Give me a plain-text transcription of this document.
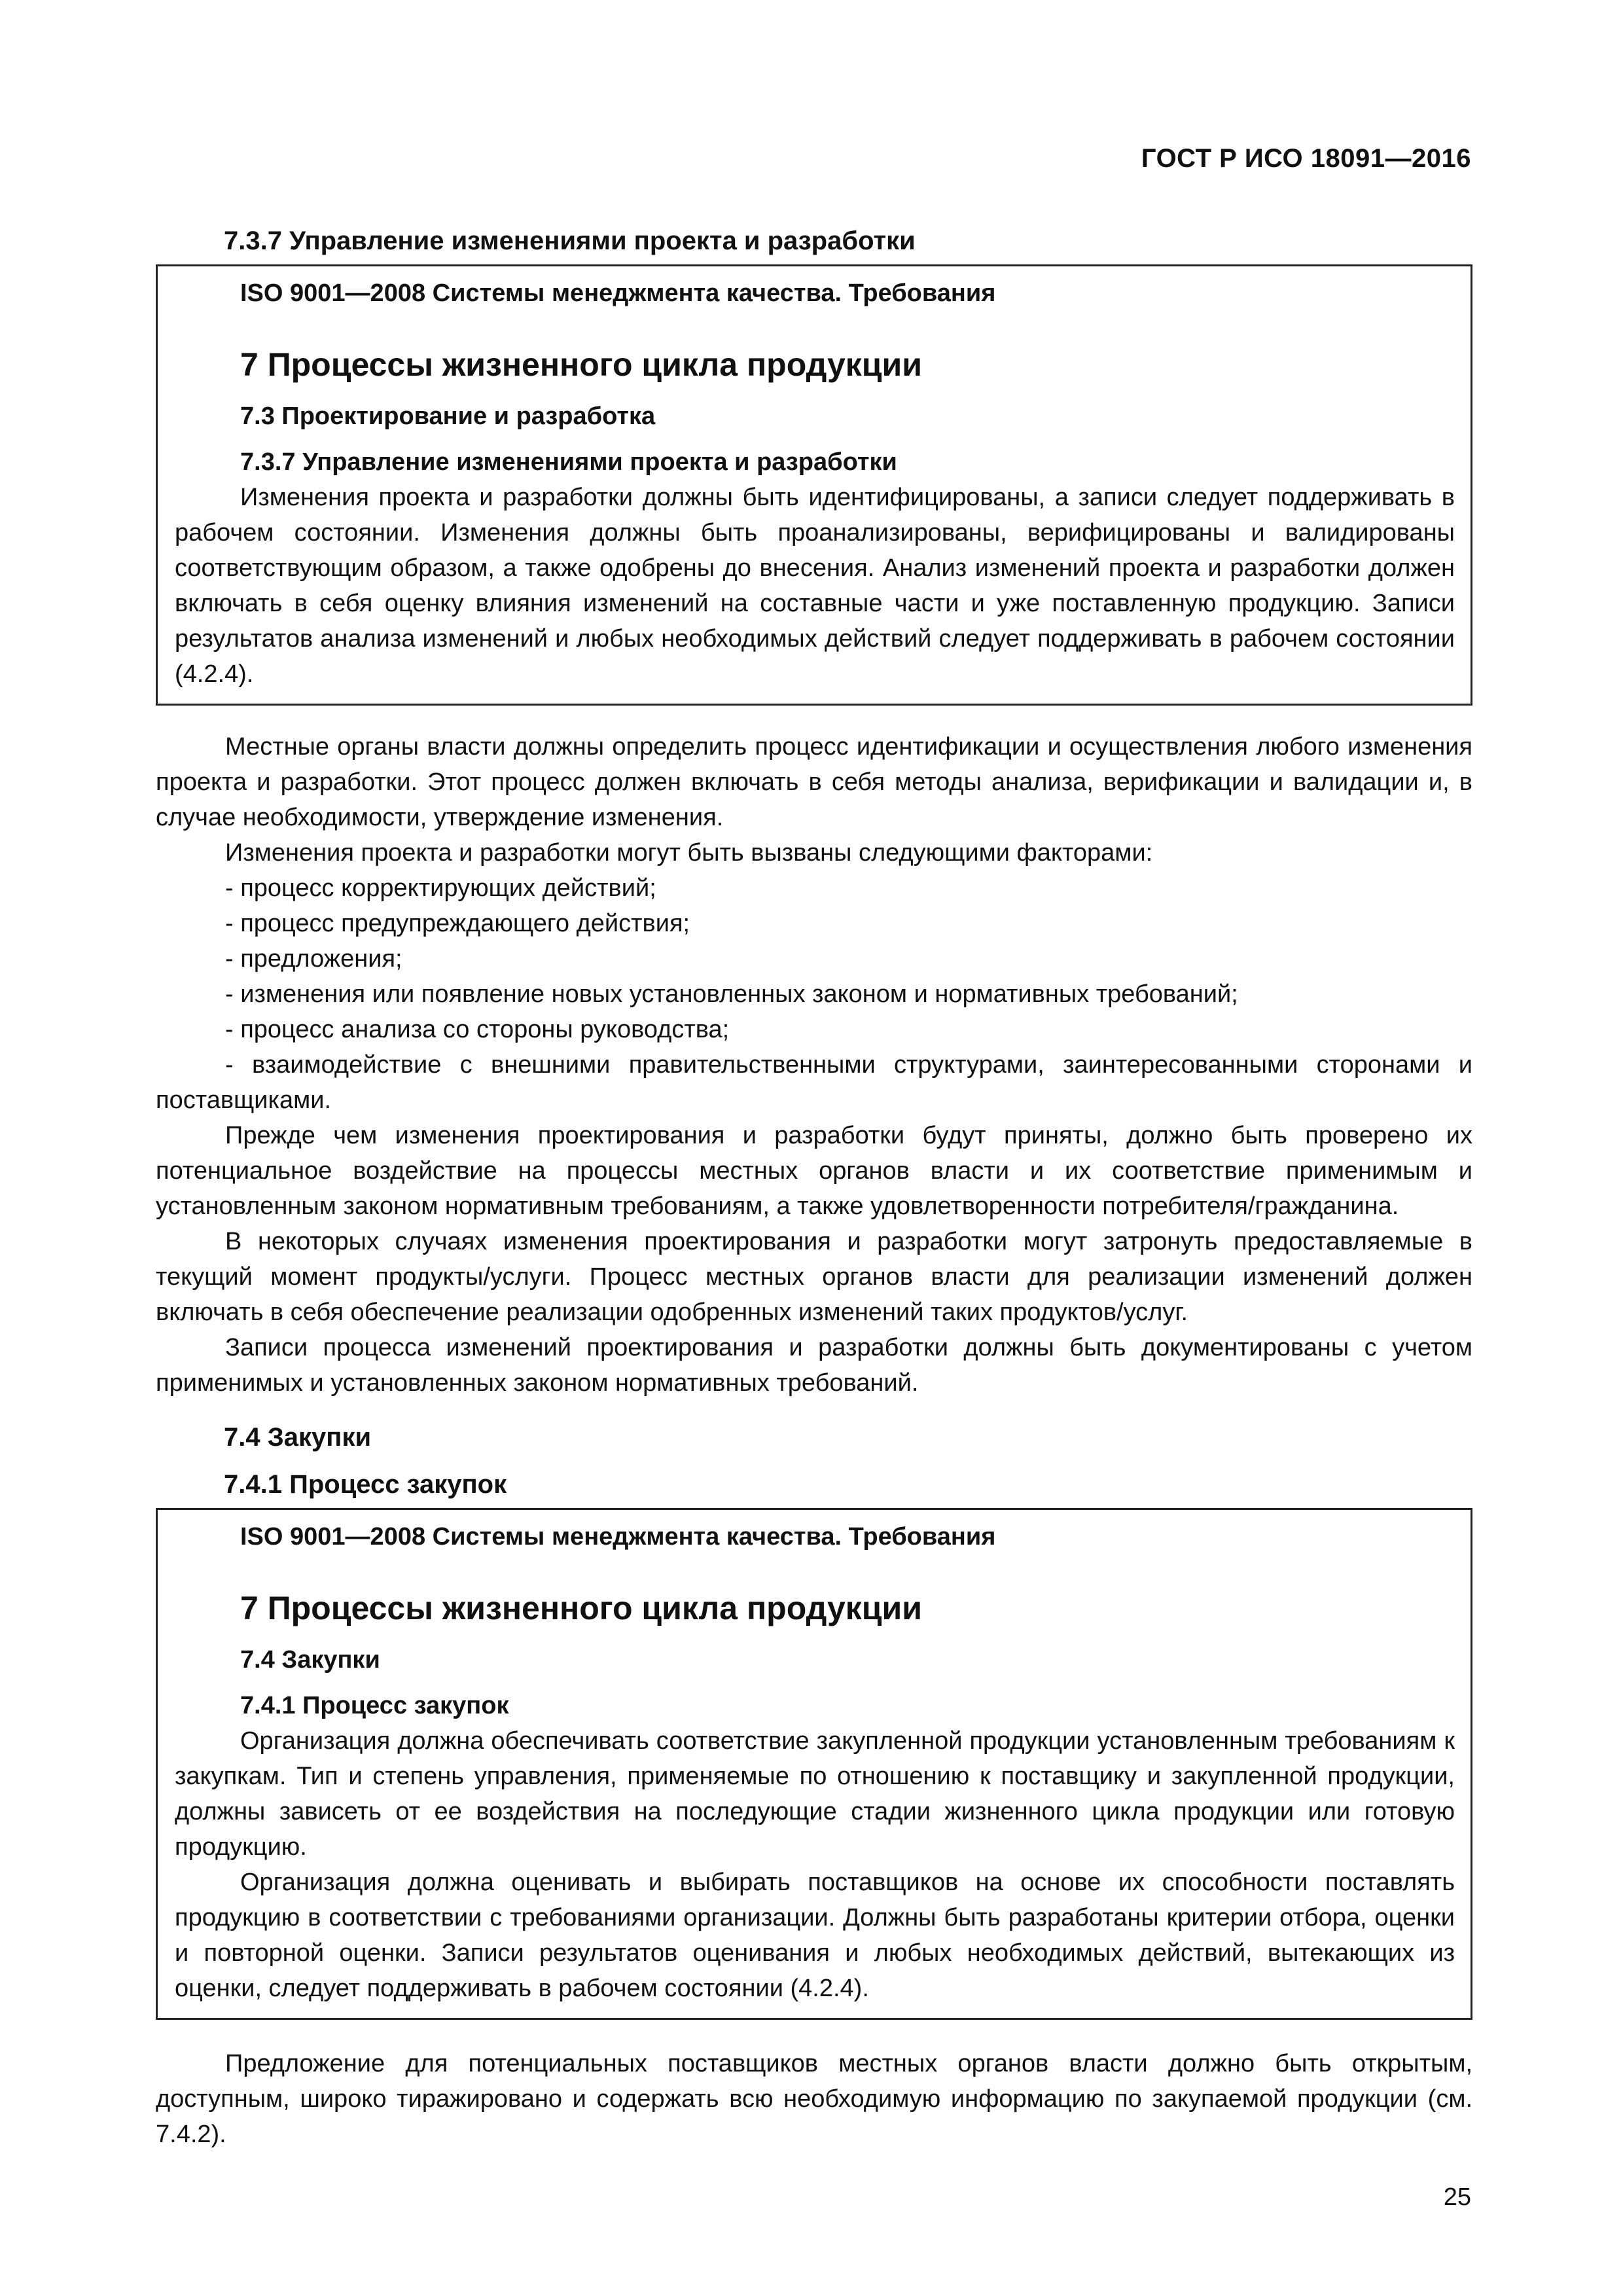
ГОСТ Р ИСО 18091—2016

7.3.7 Управление изменениями проекта и разработки

ISO 9001—2008 Системы менеджмента качества. Требования
7 Процессы жизненного цикла продукции
7.3 Проектирование и разработка
7.3.7 Управление изменениями проекта и разработки

Изменения проекта и разработки должны быть идентифицированы, а записи следует поддерживать в рабочем состоянии. Изменения должны быть проанализированы, верифицированы и валидированы соответствующим образом, а также одобрены до внесения. Анализ изменений проекта и разработки должен включать в себя оценку влияния изменений на составные части и уже поставленную продукцию. Записи результатов анализа изменений и любых необходимых действий следует поддерживать в рабочем состоянии (4.2.4).

Местные органы власти должны определить процесс идентификации и осуществления любого изменения проекта и разработки. Этот процесс должен включать в себя методы анализа, верификации и валидации и, в случае необходимости, утверждение изменения.

Изменения проекта и разработки могут быть вызваны следующими факторами:

- процесс корректирующих действий;
- процесс предупреждающего действия;
- предложения;
- изменения или появление новых установленных законом и нормативных требований;
- процесс анализа со стороны руководства;
- взаимодействие с внешними правительственными структурами, заинтересованными сторонами и поставщиками.

Прежде чем изменения проектирования и разработки будут приняты, должно быть проверено их потенциальное воздействие на процессы местных органов власти и их соответствие применимым и установленным законом нормативным требованиям, а также удовлетворенности потребителя/гражданина.

В некоторых случаях изменения проектирования и разработки могут затронуть предоставляемые в текущий момент продукты/услуги. Процесс местных органов власти для реализации изменений должен включать в себя обеспечение реализации одобренных изменений таких продуктов/услуг.

Записи процесса изменений проектирования и разработки должны быть документированы с учетом применимых и установленных законом нормативных требований.

7.4 Закупки

7.4.1 Процесс закупок

ISO 9001—2008 Системы менеджмента качества. Требования
7 Процессы жизненного цикла продукции
7.4 Закупки
7.4.1 Процесс закупок

Организация должна обеспечивать соответствие закупленной продукции установленным требованиям к закупкам. Тип и степень управления, применяемые по отношению к поставщику и закупленной продукции, должны зависеть от ее воздействия на последующие стадии жизненного цикла продукции или готовую продукцию.

Организация должна оценивать и выбирать поставщиков на основе их способности поставлять продукцию в соответствии с требованиями организации. Должны быть разработаны критерии отбора, оценки и повторной оценки. Записи результатов оценивания и любых необходимых действий, вытекающих из оценки, следует поддерживать в рабочем состоянии (4.2.4).

Предложение для потенциальных поставщиков местных органов власти должно быть открытым, доступным, широко тиражировано и содержать всю необходимую информацию по закупаемой продукции (см. 7.4.2).

25
